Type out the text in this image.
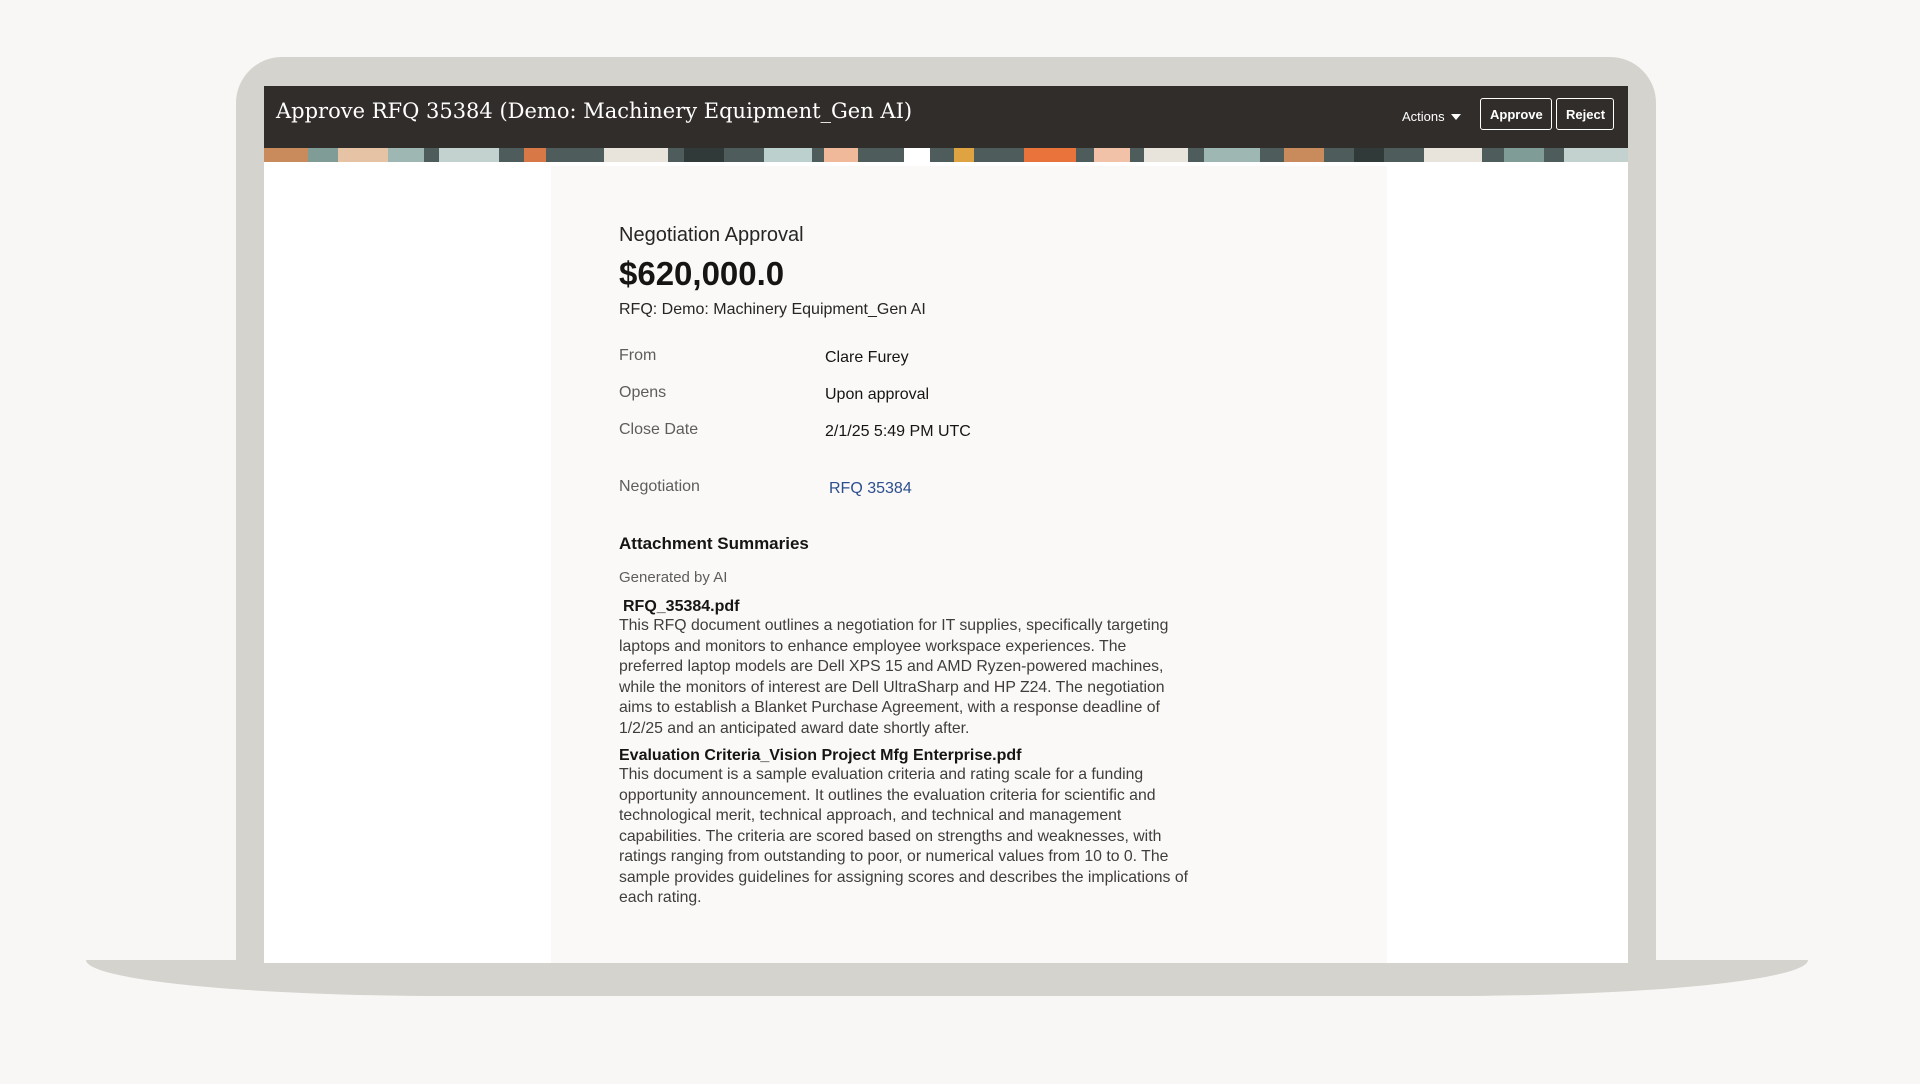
Approve RFQ 35384 (Demo: Machinery Equipment_Gen AI)	Actions	Approve	Reject
Negotiation Approval
$620,000.0
RFQ: Demo: Machinery Equipment_Gen AI
From	Clare Furey
Opens	Upon approval
Close Date	2/1/25 5:49 PM UTC
Negotiation	RFQ 35384
Attachment Summaries
Generated by AI
RFQ_35384.pdf
This RFQ document outlines a negotiation for IT supplies, specifically targeting laptops and monitors to enhance employee workspace experiences. The preferred laptop models are Dell XPS 15 and AMD Ryzen-powered machines, while the monitors of interest are Dell UltraSharp and HP Z24. The negotiation aims to establish a Blanket Purchase Agreement, with a response deadline of 1/2/25 and an anticipated award date shortly after.
Evaluation Criteria_Vision Project Mfg Enterprise.pdf
This document is a sample evaluation criteria and rating scale for a funding opportunity announcement. It outlines the evaluation criteria for scientific and technological merit, technical approach, and technical and management capabilities. The criteria are scored based on strengths and weaknesses, with ratings ranging from outstanding to poor, or numerical values from 10 to 0. The sample provides guidelines for assigning scores and describes the implications of each rating.
